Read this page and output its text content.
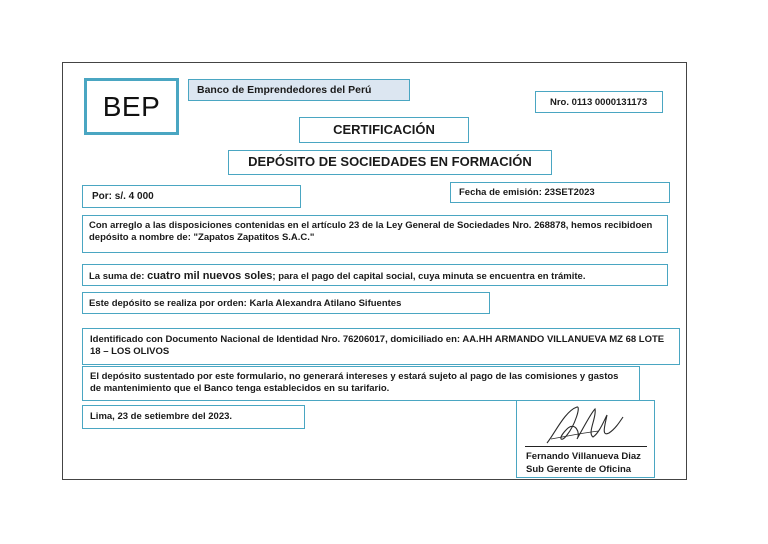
BEP
Banco de Emprendedores del Perú
Nro. 0113 0000131173
CERTIFICACIÓN
DEPÓSITO DE SOCIEDADES EN FORMACIÓN
Por: s/. 4 000	Fecha de emisión: 23SET2023
Con arreglo a las disposiciones contenidas en el artículo 23 de la Ley General de Sociedades Nro. 268878, hemos recibidoen depósito a nombre de: "Zapatos Zapatitos S.A.C."
La suma de: cuatro mil nuevos soles; para el pago del capital social, cuya minuta se encuentra en trámite.
Este depósito se realiza por orden: Karla Alexandra Atilano Sifuentes
Identificado con Documento Nacional de Identidad Nro. 76206017, domiciliado en: AA.HH ARMANDO VILLANUEVA MZ 68 LOTE 18 – LOS OLIVOS
El depósito sustentado por este formulario, no generará intereses y estará sujeto al pago de las comisiones y gastos de mantenimiento que el Banco tenga establecidos en su tarifario.
Lima, 23 de setiembre del 2023.
Fernando Villanueva Diaz
Sub Gerente de Oficina
